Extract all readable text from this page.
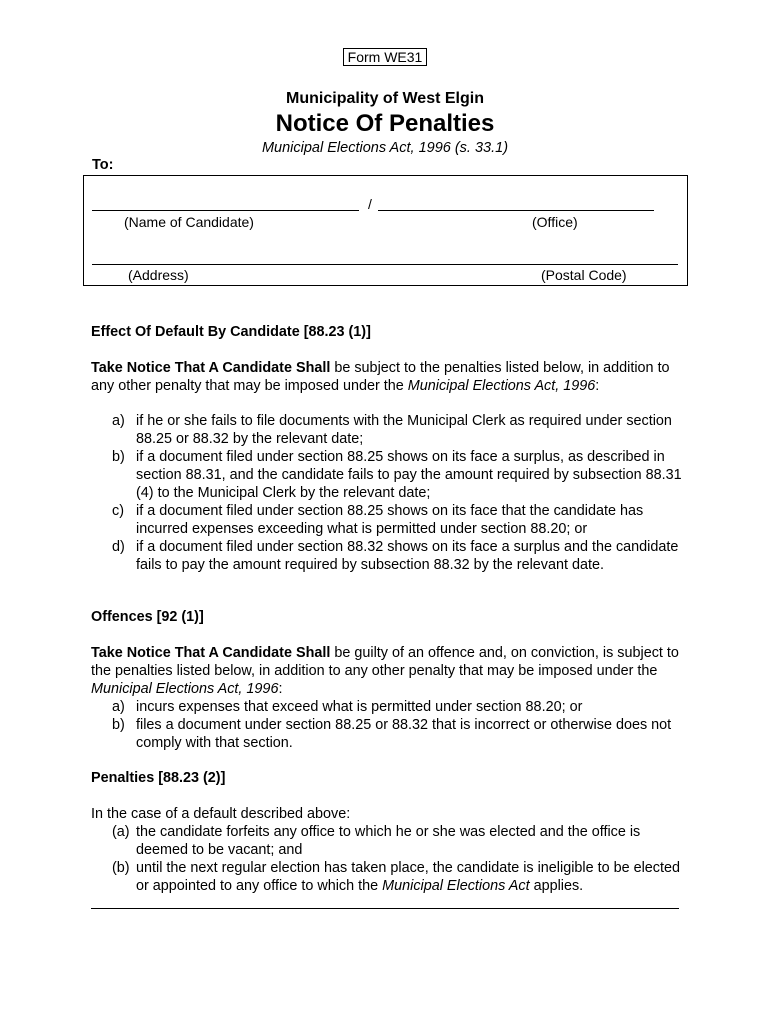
Form WE31
Municipality of West Elgin
Notice Of Penalties
Municipal Elections Act, 1996 (s. 33.1)
To:
/
(Name of Candidate)	(Office)
(Address)	(Postal Code)
Effect Of Default By Candidate [88.23 (1)]
Take Notice That A Candidate Shall be subject to the penalties listed below, in addition to any other penalty that may be imposed under the Municipal Elections Act, 1996:
a) if he or she fails to file documents with the Municipal Clerk as required under section 88.25 or 88.32 by the relevant date;
b) if a document filed under section 88.25 shows on its face a surplus, as described in section 88.31, and the candidate fails to pay the amount required by subsection 88.31 (4) to the Municipal Clerk by the relevant date;
c) if a document filed under section 88.25 shows on its face that the candidate has incurred expenses exceeding what is permitted under section 88.20; or
d) if a document filed under section 88.32 shows on its face a surplus and the candidate fails to pay the amount required by subsection 88.32 by the relevant date.
Offences [92 (1)]
Take Notice That A Candidate Shall be guilty of an offence and, on conviction, is subject to the penalties listed below, in addition to any other penalty that may be imposed under the Municipal Elections Act, 1996:
a) incurs expenses that exceed what is permitted under section 88.20; or
b) files a document under section 88.25 or 88.32 that is incorrect or otherwise does not comply with that section.
Penalties [88.23 (2)]
In the case of a default described above:
(a) the candidate forfeits any office to which he or she was elected and the office is deemed to be vacant; and
(b) until the next regular election has taken place, the candidate is ineligible to be elected or appointed to any office to which the Municipal Elections Act applies.
